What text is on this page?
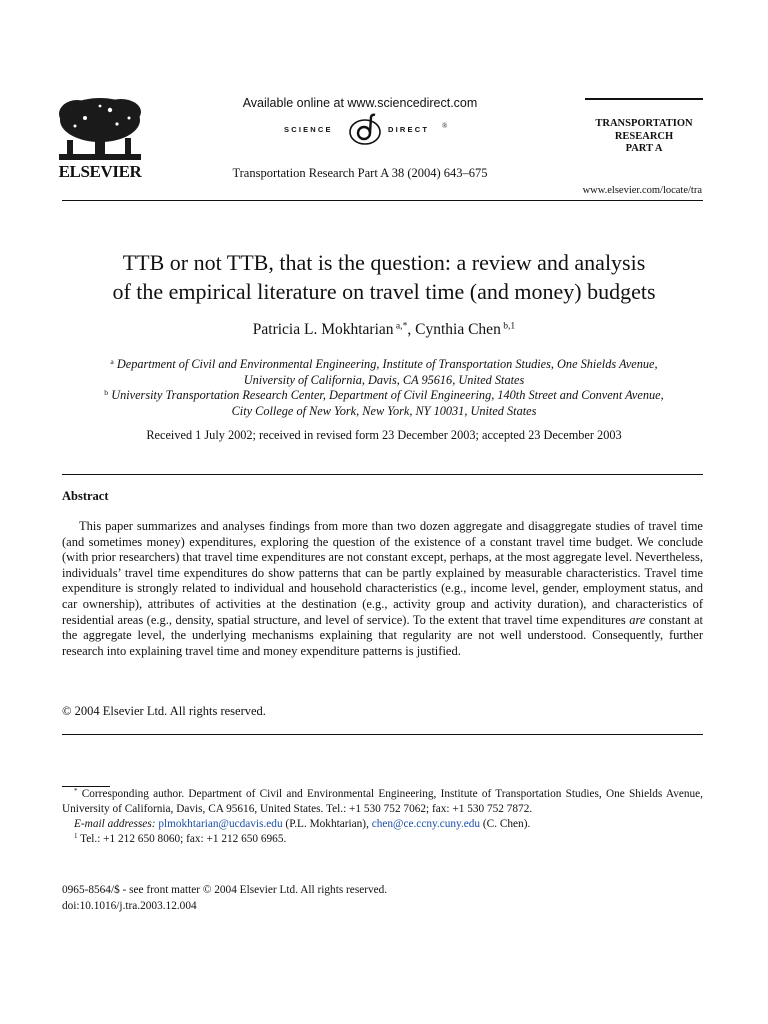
ELSEVIER
Available online at www.sciencedirect.com
SCIENCE	DIRECT ®
Transportation Research Part A 38 (2004) 643–675
TRANSPORTATION
RESEARCH
PART A
www.elsevier.com/locate/tra
TTB or not TTB, that is the question: a review and analysis
of the empirical literature on travel time (and money) budgets
Patricia L. Mokhtarian $^{a,*}$, Cynthia Chen $^{b,1}$
$^a$ Department of Civil and Environmental Engineering, Institute of Transportation Studies, One Shields Avenue,
University of California, Davis, CA 95616, United States
$^b$ University Transportation Research Center, Department of Civil Engineering, 140th Street and Convent Avenue,
City College of New York, New York, NY 10031, United States
Received 1 July 2002; received in revised form 23 December 2003; accepted 23 December 2003
Abstract
This paper summarizes and analyses findings from more than two dozen aggregate and disaggregate studies of travel time (and sometimes money) expenditures, exploring the question of the existence of a constant travel time budget. We conclude (with prior researchers) that travel time expenditures are not constant except, perhaps, at the most aggregate level. Nevertheless, individuals’ travel time expenditures do show patterns that can be partly explained by measurable characteristics. Travel time expenditure is strongly related to individual and household characteristics (e.g., income level, gender, employment status, and car ownership), attributes of activities at the destination (e.g., activity group and activity duration), and characteristics of residential areas (e.g., density, spatial structure, and level of service). To the extent that travel time expenditures are constant at the aggregate level, the underlying mechanisms explaining that regularity are not well understood. Consequently, further research into explaining travel time and money expenditure patterns is justified.
© 2004 Elsevier Ltd. All rights reserved.

* Corresponding author. Department of Civil and Environmental Engineering, Institute of Transportation Studies, One Shields Avenue, University of California, Davis, CA 95616, United States. Tel.: +1 530 752 7062; fax: +1 530 752 7872.

E-mail addresses: plmokhtarian@ucdavis.edu (P.L. Mokhtarian), chen@ce.ccny.cuny.edu (C. Chen).

$^1$ Tel.: +1 212 650 8060; fax: +1 212 650 6965.

0965-8564/$ - see front matter © 2004 Elsevier Ltd. All rights reserved.
doi:10.1016/j.tra.2003.12.004
